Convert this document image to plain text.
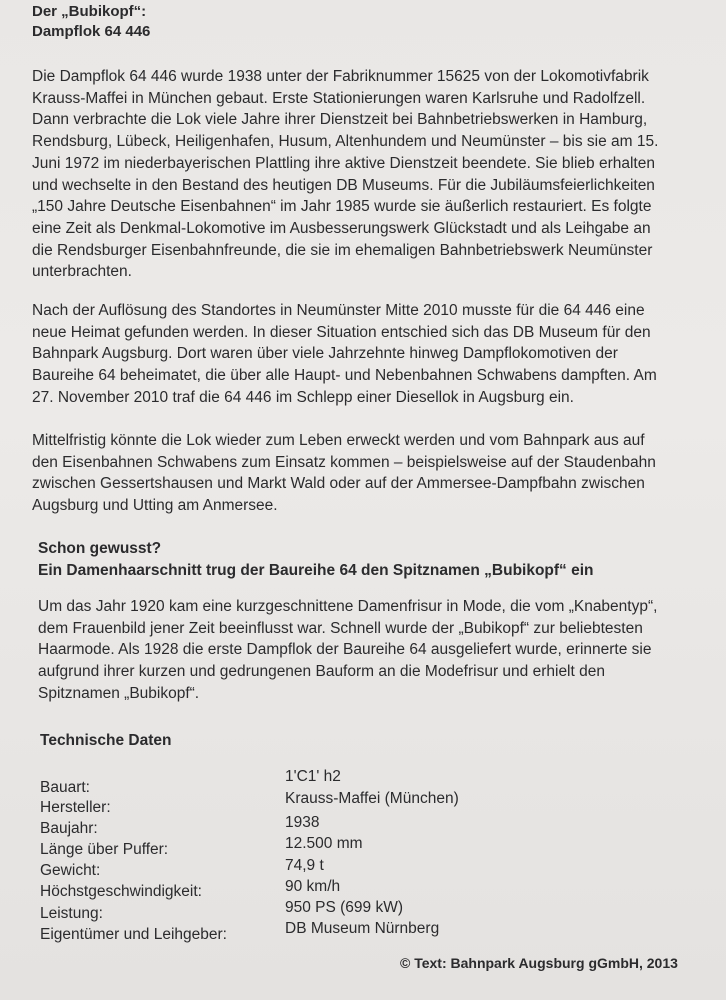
Der „Bubikopf“:
Dampflok 64 446
Die Dampflok 64 446 wurde 1938 unter der Fabriknummer 15625 von der Lokomotivfabrik
Krauss-Maffei in München gebaut. Erste Stationierungen waren Karlsruhe und Radolfzell.
Dann verbrachte die Lok viele Jahre ihrer Dienstzeit bei Bahnbetriebswerken in Hamburg,
Rendsburg, Lübeck, Heiligenhafen, Husum, Altenhundem und Neumünster – bis sie am 15.
Juni 1972 im niederbayerischen Plattling ihre aktive Dienstzeit beendete. Sie blieb erhalten
und wechselte in den Bestand des heutigen DB Museums. Für die Jubiläumsfeierlichkeiten
„150 Jahre Deutsche Eisenbahnen“ im Jahr 1985 wurde sie äußerlich restauriert. Es folgte
eine Zeit als Denkmal-Lokomotive im Ausbesserungswerk Glückstadt und als Leihgabe an
die Rendsburger Eisenbahnfreunde, die sie im ehemaligen Bahnbetriebswerk Neumünster
unterbrachten.
Nach der Auflösung des Standortes in Neumünster Mitte 2010 musste für die 64 446 eine
neue Heimat gefunden werden. In dieser Situation entschied sich das DB Museum für den
Bahnpark Augsburg. Dort waren über viele Jahrzehnte hinweg Dampflokomotiven der
Baureihe 64 beheimatet, die über alle Haupt- und Nebenbahnen Schwabens dampften. Am
27. November 2010 traf die 64 446 im Schlepp einer Diesellok in Augsburg ein.
Mittelfristig könnte die Lok wieder zum Leben erweckt werden und vom Bahnpark aus auf
den Eisenbahnen Schwabens zum Einsatz kommen – beispielsweise auf der Staudenbahn
zwischen Gessertshausen und Markt Wald oder auf der Ammersee-Dampfbahn zwischen
Augsburg und Utting am Anmersee.
Schon gewusst?
Ein Damenhaarschnitt trug der Baureihe 64 den Spitznamen „Bubikopf“ ein
Um das Jahr 1920 kam eine kurzgeschnittene Damenfrisur in Mode, die vom „Knabentyp“,
dem Frauenbild jener Zeit beeinflusst war. Schnell wurde der „Bubikopf“ zur beliebtesten
Haarmode. Als 1928 die erste Dampflok der Baureihe 64 ausgeliefert wurde, erinnerte sie
aufgrund ihrer kurzen und gedrungenen Bauform an die Modefrisur und erhielt den
Spitznamen „Bubikopf“.
Technische Daten
Bauart:
1'C1' h2
Hersteller:
Krauss-Maffei (München)
Baujahr:	1938
Länge über Puffer:	12.500 mm
Gewicht:	74,9 t
Höchstgeschwindigkeit:	90 km/h
Leistung:	950 PS (699 kW)
Eigentümer und Leihgeber:	DB Museum Nürnberg
© Text: Bahnpark Augsburg gGmbH, 2013
